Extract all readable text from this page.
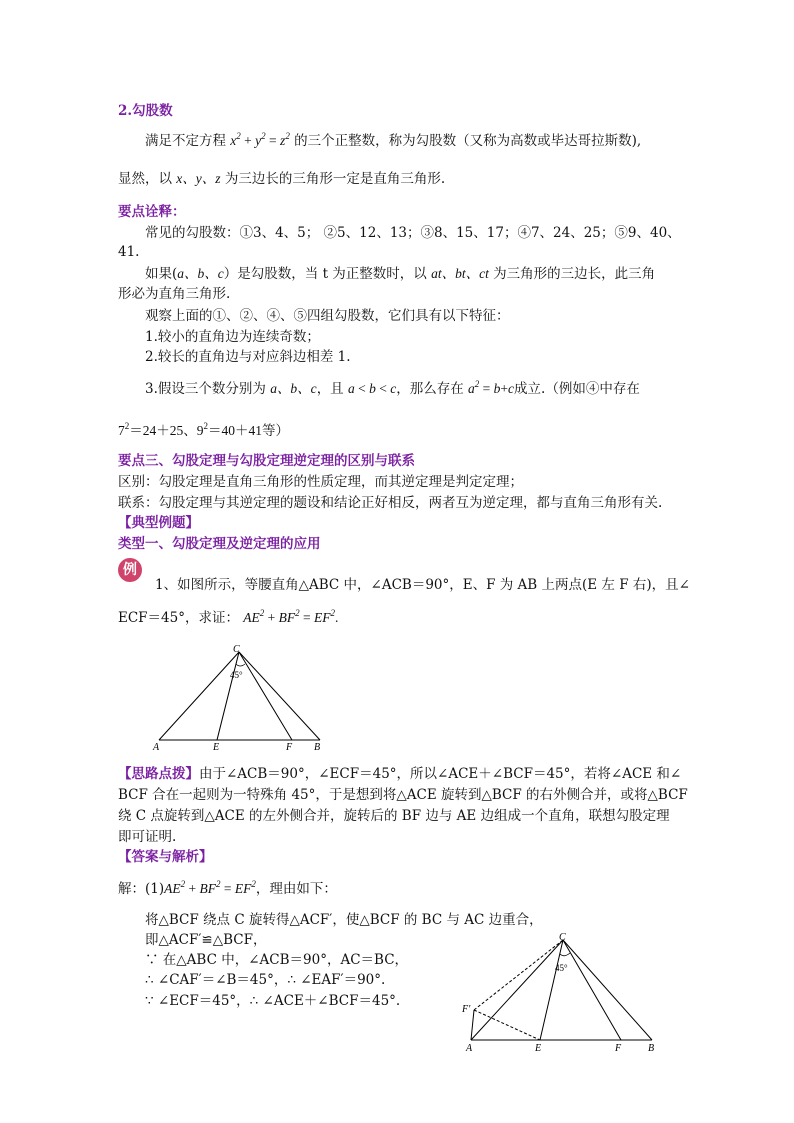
2.勾股数
满足不定方程 $x^2 + y^2 = z^2$ 的三个正整数，称为勾股数（又称为高数或毕达哥拉斯数),
显然，以 x、y、z 为三边长的三角形一定是直角三角形.
要点诠释：
常见的勾股数：①3、4、5； ②5、12、13；③8、15、17；④7、24、25；⑤9、40、
41.
如果(a、b、c）是勾股数，当 t 为正整数时，以 at、bt、ct 为三角形的三边长，此三角
形必为直角三角形.
观察上面的①、②、④、⑤四组勾股数，它们具有以下特征：
1.较小的直角边为连续奇数；
2.较长的直角边与对应斜边相差 1.
3.假设三个数分别为 a、b、c，且 a < b < c，那么存在 $a^2 = b+c$成立.（例如④中存在
$7^2=24+25$、$9^2=40+41$等）
要点三、勾股定理与勾股定理逆定理的区别与联系
区别：勾股定理是直角三角形的性质定理，而其逆定理是判定定理；
联系：勾股定理与其逆定理的题设和结论正好相反，两者互为逆定理，都与直角三角形有关.
【典型例题】
类型一、勾股定理及逆定理的应用
例
1、如图所示，等腰直角△ABC 中，∠ACB＝90°，E、F 为 AB 上两点(E 左 F 右)，且∠
ECF＝45°，求证： $AE^2 + BF^2 = EF^2$.
C
45°
A	E	F B
【思路点拨】由于∠ACB＝90°，∠ECF＝45°，所以∠ACE＋∠BCF＝45°，若将∠ACE 和∠
BCF 合在一起则为一特殊角 45°，于是想到将△ACE 旋转到△BCF 的右外侧合并，或将△BCF
绕 C 点旋转到△ACE 的左外侧合并，旋转后的 BF 边与 AE 边组成一个直角，联想勾股定理
即可证明.
【答案与解析】
解：$(1)AE^2 + BF^2 = EF^2$，理由如下：
将△BCF 绕点 C 旋转得△ACF′，使△BCF 的 BC 与 AC 边重合，
即△ACF′≌△BCF，
∵ 在△ABC 中，∠ACB＝90°，AC＝BC，
∴ ∠CAF′＝∠B＝45°，∴ ∠EAF′＝90°.
∵ ∠ECF＝45°，∴ ∠ACE＋∠BCF＝45°.
C
45°
F′
A	E	F	B
